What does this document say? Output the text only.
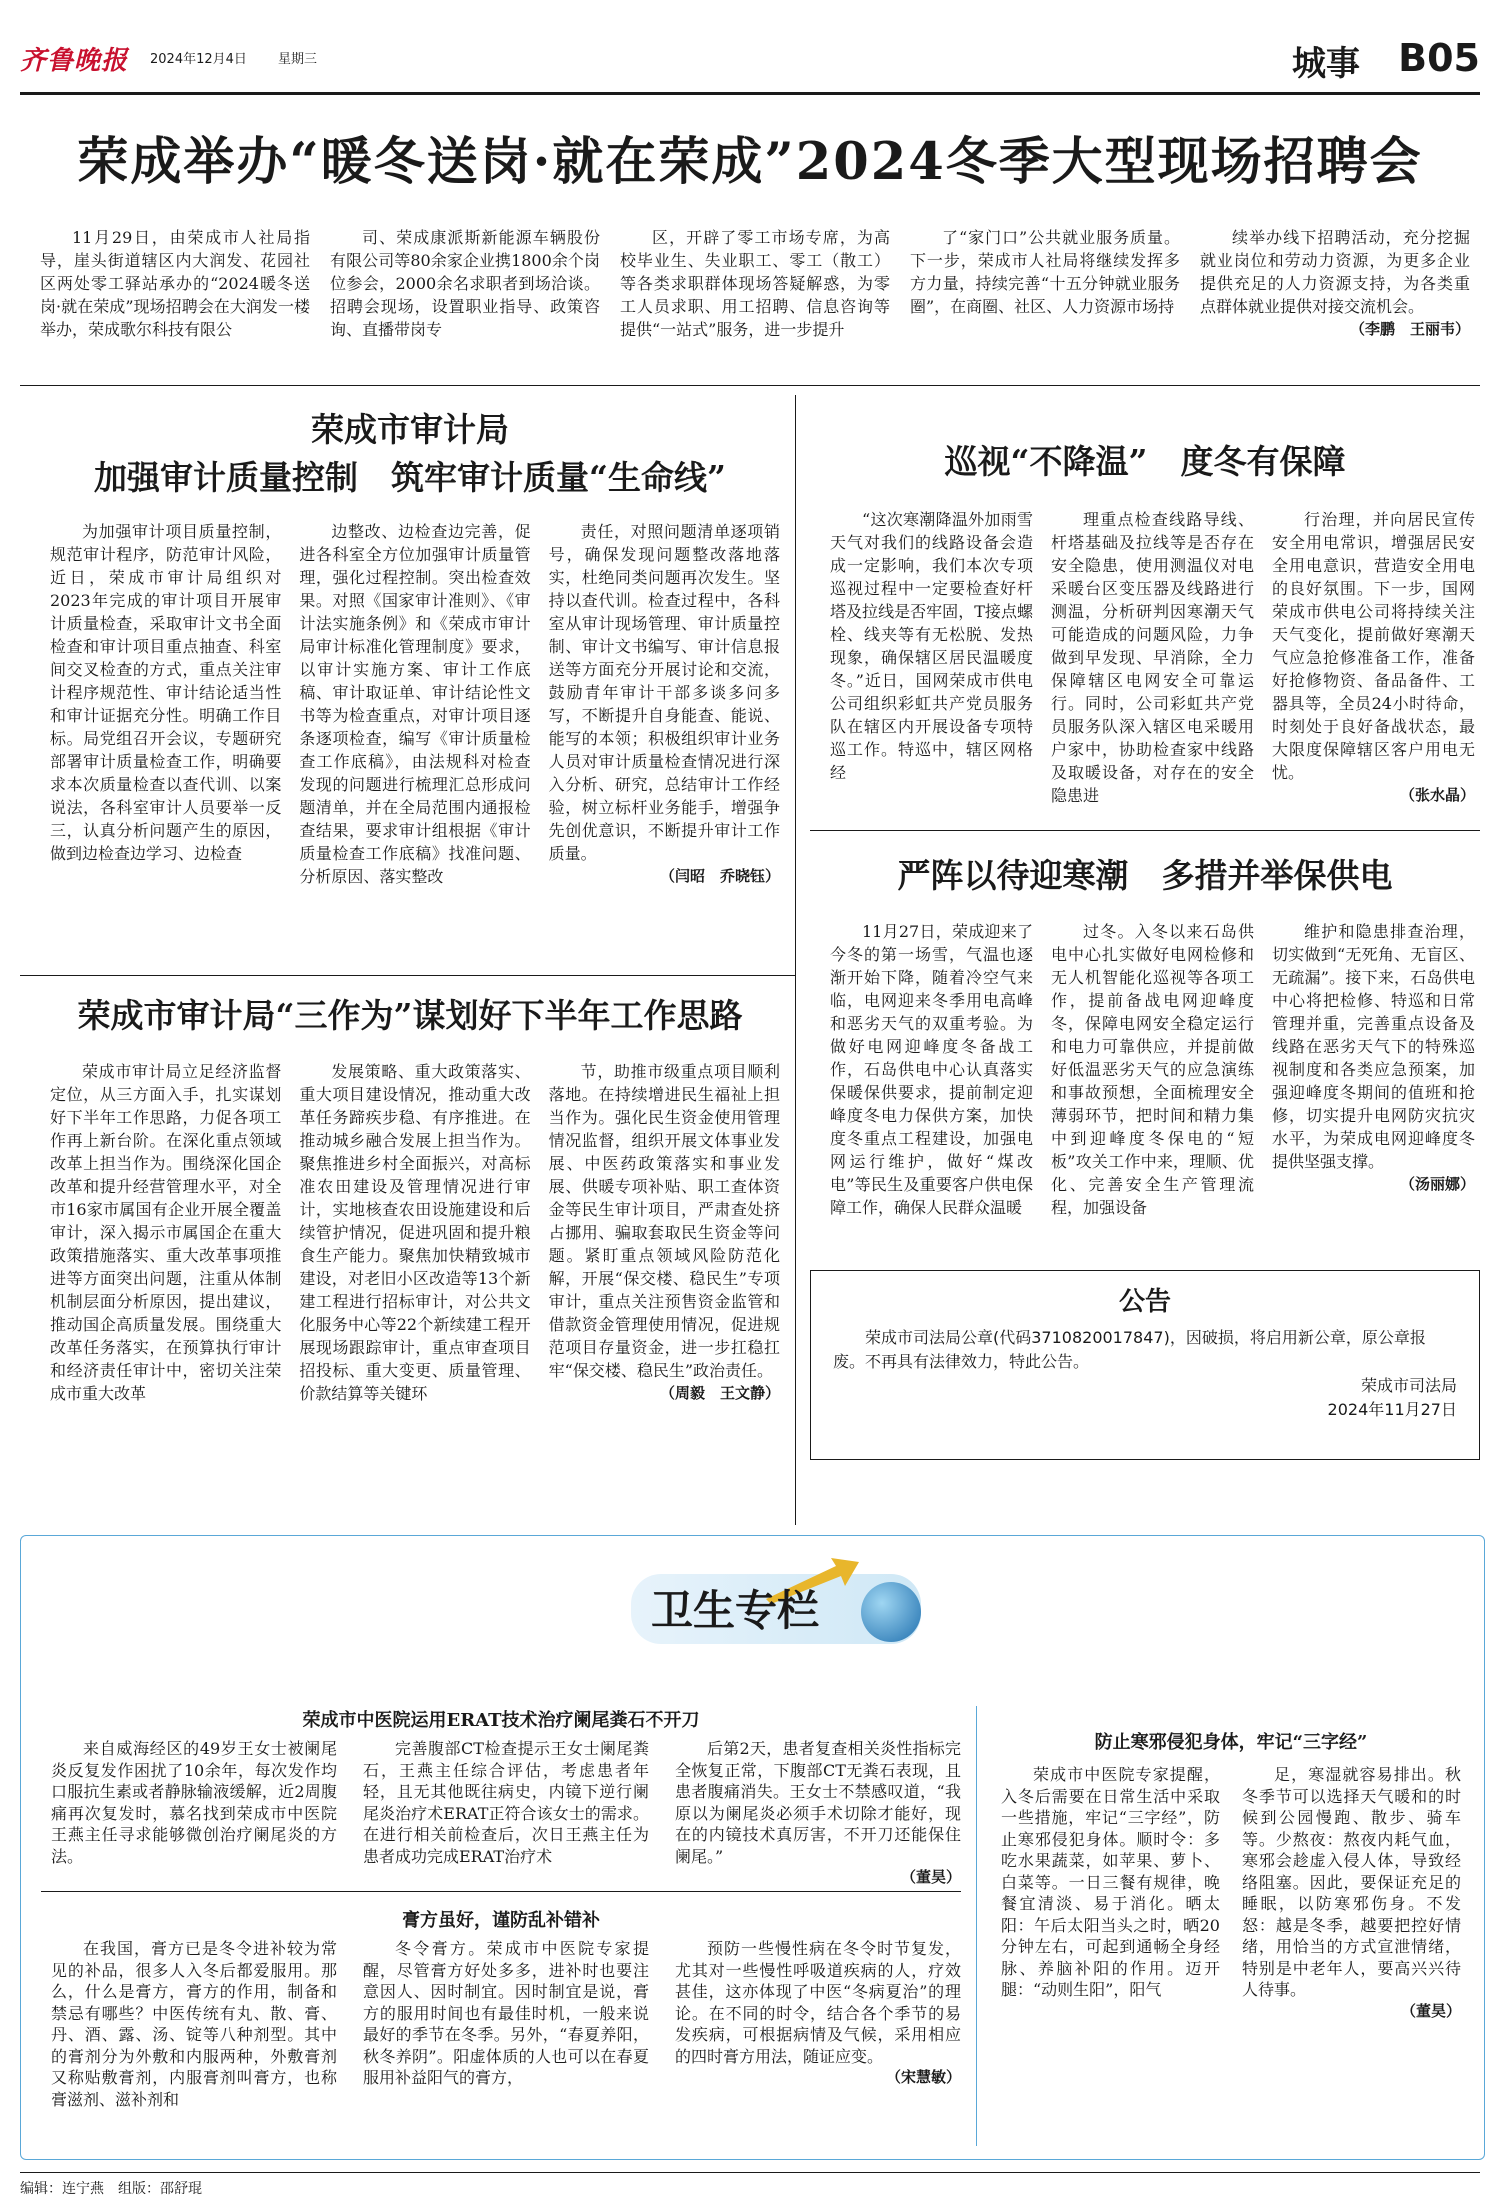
齐鲁晚报 2024年12月4日 星期三	城事 B05
荣成举办“暖冬送岗·就在荣成”2024冬季大型现场招聘会

11月29日，由荣成市人社局指导，崖头街道辖区内大润发、花园社区两处零工驿站承办的“2024暖冬送岗·就在荣成”现场招聘会在大润发一楼举办，荣成歌尔科技有限公

司、荣成康派斯新能源车辆股份有限公司等80余家企业携1800余个岗位参会，2000余名求职者到场洽谈。招聘会现场，设置职业指导、政策咨询、直播带岗专

区，开辟了零工市场专席，为高校毕业生、失业职工、零工（散工）等各类求职群体现场答疑解惑，为零工人员求职、用工招聘、信息咨询等提供“一站式”服务，进一步提升

了“家门口”公共就业服务质量。下一步，荣成市人社局将继续发挥多方力量，持续完善“十五分钟就业服务圈”，在商圈、社区、人力资源市场持

续举办线下招聘活动，充分挖掘就业岗位和劳动力资源，为更多企业提供充足的人力资源支持，为各类重点群体就业提供对接交流机会。

（李鹏　王丽韦）
荣成市审计局
加强审计质量控制　筑牢审计质量“生命线”

为加强审计项目质量控制，规范审计程序，防范审计风险，近日，荣成市审计局组织对2023年完成的审计项目开展审计质量检查，采取审计文书全面检查和审计项目重点抽查、科室间交叉检查的方式，重点关注审计程序规范性、审计结论适当性和审计证据充分性。明确工作目标。局党组召开会议，专题研究部署审计质量检查工作，明确要求本次质量检查以查代训、以案说法，各科室审计人员要举一反三，认真分析问题产生的原因，做到边检查边学习、边检查

边整改、边检查边完善，促进各科室全方位加强审计质量管理，强化过程控制。突出检查效果。对照《国家审计准则》、《审计法实施条例》和《荣成市审计局审计标准化管理制度》要求，以审计实施方案、审计工作底稿、审计取证单、审计结论性文书等为检查重点，对审计项目逐条逐项检查，编写《审计质量检查工作底稿》，由法规科对检查发现的问题进行梳理汇总形成问题清单，并在全局范围内通报检查结果，要求审计组根据《审计质量检查工作底稿》找准问题、分析原因、落实整改

责任，对照问题清单逐项销号，确保发现问题整改落地落实，杜绝同类问题再次发生。坚持以查代训。检查过程中，各科室从审计现场管理、审计质量控制、审计文书编写、审计信息报送等方面充分开展讨论和交流，鼓励青年审计干部多谈多问多写，不断提升自身能查、能说、能写的本领；积极组织审计业务人员对审计质量检查情况进行深入分析、研究，总结审计工作经验，树立标杆业务能手，增强争先创优意识，不断提升审计工作质量。

（闫昭　乔晓钰）
荣成市审计局“三作为”谋划好下半年工作思路

荣成市审计局立足经济监督定位，从三方面入手，扎实谋划好下半年工作思路，力促各项工作再上新台阶。在深化重点领域改革上担当作为。围绕深化国企改革和提升经营管理水平，对全市16家市属国有企业开展全覆盖审计，深入揭示市属国企在重大政策措施落实、重大改革事项推进等方面突出问题，注重从体制机制层面分析原因，提出建议，推动国企高质量发展。围绕重大改革任务落实，在预算执行审计和经济责任审计中，密切关注荣成市重大改革

发展策略、重大政策落实、重大项目建设情况，推动重大改革任务蹄疾步稳、有序推进。在推动城乡融合发展上担当作为。聚焦推进乡村全面振兴，对高标准农田建设及管理情况进行审计，实地核查农田设施建设和后续管护情况，促进巩固和提升粮食生产能力。聚焦加快精致城市建设，对老旧小区改造等13个新建工程进行招标审计，对公共文化服务中心等22个新续建工程开展现场跟踪审计，重点审查项目招投标、重大变更、质量管理、价款结算等关键环

节，助推市级重点项目顺利落地。在持续增进民生福祉上担当作为。强化民生资金使用管理情况监督，组织开展文体事业发展、中医药政策落实和事业发展、供暖专项补贴、职工查体资金等民生审计项目，严肃查处挤占挪用、骗取套取民生资金等问题。紧盯重点领域风险防范化解，开展“保交楼、稳民生”专项审计，重点关注预售资金监管和借款资金管理使用情况，促进规范项目存量资金，进一步扛稳扛牢“保交楼、稳民生”政治责任。

（周毅　王文静）
巡视“不降温”　度冬有保障

“这次寒潮降温外加雨雪天气对我们的线路设备会造成一定影响，我们本次专项巡视过程中一定要检查好杆塔及拉线是否牢固，T接点螺栓、线夹等有无松脱、发热现象，确保辖区居民温暖度冬。”近日，国网荣成市供电公司组织彩虹共产党员服务队在辖区内开展设备专项特巡工作。特巡中，辖区网格经

理重点检查线路导线、杆塔基础及拉线等是否存在安全隐患，使用测温仪对电采暖台区变压器及线路进行测温，分析研判因寒潮天气可能造成的问题风险，力争做到早发现、早消除，全力保障辖区电网安全可靠运行。同时，公司彩虹共产党员服务队深入辖区电采暖用户家中，协助检查家中线路及取暖设备，对存在的安全隐患进

行治理，并向居民宣传安全用电常识，增强居民安全用电意识，营造安全用电的良好氛围。下一步，国网荣成市供电公司将持续关注天气变化，提前做好寒潮天气应急抢修准备工作，准备好抢修物资、备品备件、工器具等，全员24小时待命，时刻处于良好备战状态，最大限度保障辖区客户用电无忧。

（张水晶）
严阵以待迎寒潮　多措并举保供电

11月27日，荣成迎来了今冬的第一场雪，气温也逐渐开始下降，随着冷空气来临，电网迎来冬季用电高峰和恶劣天气的双重考验。为做好电网迎峰度冬备战工作，石岛供电中心认真落实保暖保供要求，提前制定迎峰度冬电力保供方案，加快度冬重点工程建设，加强电网运行维护，做好“煤改电”等民生及重要客户供电保障工作，确保人民群众温暖

过冬。入冬以来石岛供电中心扎实做好电网检修和无人机智能化巡视等各项工作，提前备战电网迎峰度冬，保障电网安全稳定运行和电力可靠供应，并提前做好低温恶劣天气的应急演练和事故预想，全面梳理安全薄弱环节，把时间和精力集中到迎峰度冬保电的“短板”攻关工作中来，理顺、优化、完善安全生产管理流程，加强设备

维护和隐患排查治理，切实做到“无死角、无盲区、无疏漏”。接下来，石岛供电中心将把检修、特巡和日常管理并重，完善重点设备及线路在恶劣天气下的特殊巡视制度和各类应急预案，加强迎峰度冬期间的值班和抢修，切实提升电网防灾抗灾水平，为荣成电网迎峰度冬提供坚强支撑。

（汤丽娜）
公告
荣成市司法局公章(代码3710820017847)，因破损，将启用新公章，原公章报废。不再具有法律效力，特此公告。
荣成市司法局
2024年11月27日
卫生专栏
荣成市中医院运用ERAT技术治疗阑尾粪石不开刀

来自威海经区的49岁王女士被阑尾炎反复发作困扰了10余年，每次发作均口服抗生素或者静脉输液缓解，近2周腹痛再次复发时，慕名找到荣成市中医院王燕主任寻求能够微创治疗阑尾炎的方法。

完善腹部CT检查提示王女士阑尾粪石，王燕主任综合评估，考虑患者年轻，且无其他既往病史，内镜下逆行阑尾炎治疗术ERAT正符合该女士的需求。在进行相关前检查后，次日王燕主任为患者成功完成ERAT治疗术

后第2天，患者复查相关炎性指标完全恢复正常，下腹部CT无粪石表现，且患者腹痛消失。王女士不禁感叹道，“我原以为阑尾炎必须手术切除才能好，现在的内镜技术真厉害，不开刀还能保住阑尾。”

（董昊）
膏方虽好，谨防乱补错补

在我国，膏方已是冬令进补较为常见的补品，很多人入冬后都爱服用。那么，什么是膏方，膏方的作用，制备和禁忌有哪些？中医传统有丸、散、膏、丹、酒、露、汤、锭等八种剂型。其中的膏剂分为外敷和内服两种，外敷膏剂又称贴敷膏剂，内服膏剂叫膏方，也称膏滋剂、滋补剂和

冬令膏方。荣成市中医院专家提醒，尽管膏方好处多多，进补时也要注意因人、因时制宜。因时制宜是说，膏方的服用时间也有最佳时机，一般来说最好的季节在冬季。另外，“春夏养阳，秋冬养阴”。阳虚体质的人也可以在春夏服用补益阳气的膏方，

预防一些慢性病在冬令时节复发，尤其对一些慢性呼吸道疾病的人，疗效甚佳，这亦体现了中医“冬病夏治”的理论。在不同的时令，结合各个季节的易发疾病，可根据病情及气候，采用相应的四时膏方用法，随证应变。

（宋慧敏）
防止寒邪侵犯身体，牢记“三字经”

荣成市中医院专家提醒，入冬后需要在日常生活中采取一些措施，牢记“三字经”，防止寒邪侵犯身体。顺时令：多吃水果蔬菜，如苹果、萝卜、白菜等。一日三餐有规律，晚餐宜清淡、易于消化。晒太阳：午后太阳当头之时，晒20分钟左右，可起到通畅全身经脉、养脑补阳的作用。迈开腿：“动则生阳”，阳气

足，寒湿就容易排出。秋冬季节可以选择天气暖和的时候到公园慢跑、散步、骑车等。少熬夜：熬夜内耗气血，寒邪会趁虚入侵人体，导致经络阻塞。因此，要保证充足的睡眠，以防寒邪伤身。不发怒：越是冬季，越要把控好情绪，用恰当的方式宣泄情绪，特别是中老年人，要高兴兴待人待事。

（董昊）
编辑：连宁燕　组版：邵舒琨
